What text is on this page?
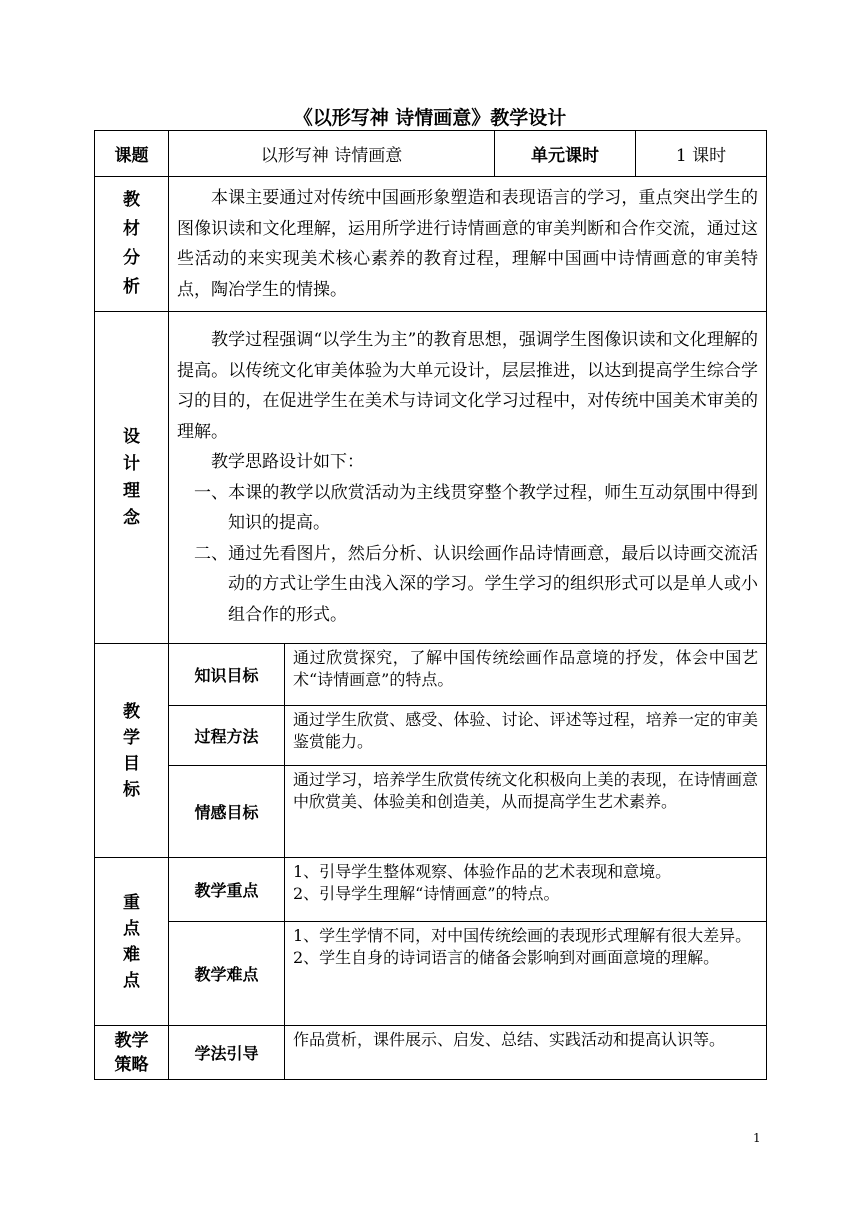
《以形写神 诗情画意》教学设计
课题	以形写神 诗情画意		单元课时	1 课时

教材分析	本课主要通过对传统中国画形象塑造和表现语言的学习，重点突出学生的图像识读和文化理解，运用所学进行诗情画意的审美判断和合作交流，通过这些活动的来实现美术核心素养的教育过程，理解中国画中诗情画意的审美特点，陶冶学生的情操。			

设计理念	教学过程强调“以学生为主”的教育思想，强调学生图像识读和文化理解的提高。以传统文化审美体验为大单元设计，层层推进，以达到提高学生综合学习的目的，在促进学生在美术与诗词文化学习过程中，对传统中国美术审美的理解。

教学思路设计如下：

一、本课的教学以欣赏活动为主线贯穿整个教学过程，师生互动氛围中得到知识的提高。

二、通过先看图片，然后分析、认识绘画作品诗情画意，最后以诗画交流活动的方式让学生由浅入深的学习。学生学习的组织形式可以是单人或小组合作的形式。			

教学目标	知识目标	通过欣赏探究，了解中国传统绘画作品意境的抒发，体会中国艺术“诗情画意”的特点。		
	过程方法	通过学生欣赏、感受、体验、讨论、评述等过程，培养一定的审美鉴赏能力。		
	情感目标	通过学习，培养学生欣赏传统文化积极向上美的表现，在诗情画意中欣赏美、体验美和创造美，从而提高学生艺术素养。		

重点难点	教学重点	1、引导学生整体观察、体验作品的艺术表现和意境。
2、引导学生理解“诗情画意”的特点。		

	教学难点	1、学生学情不同，对中国传统绘画的表现形式理解有很大差异。
2、学生自身的诗词语言的储备会影响到对画面意境的理解。		

教学
策略	学法引导	作品赏析，课件展示、启发、总结、实践活动和提高认识等。		
1
